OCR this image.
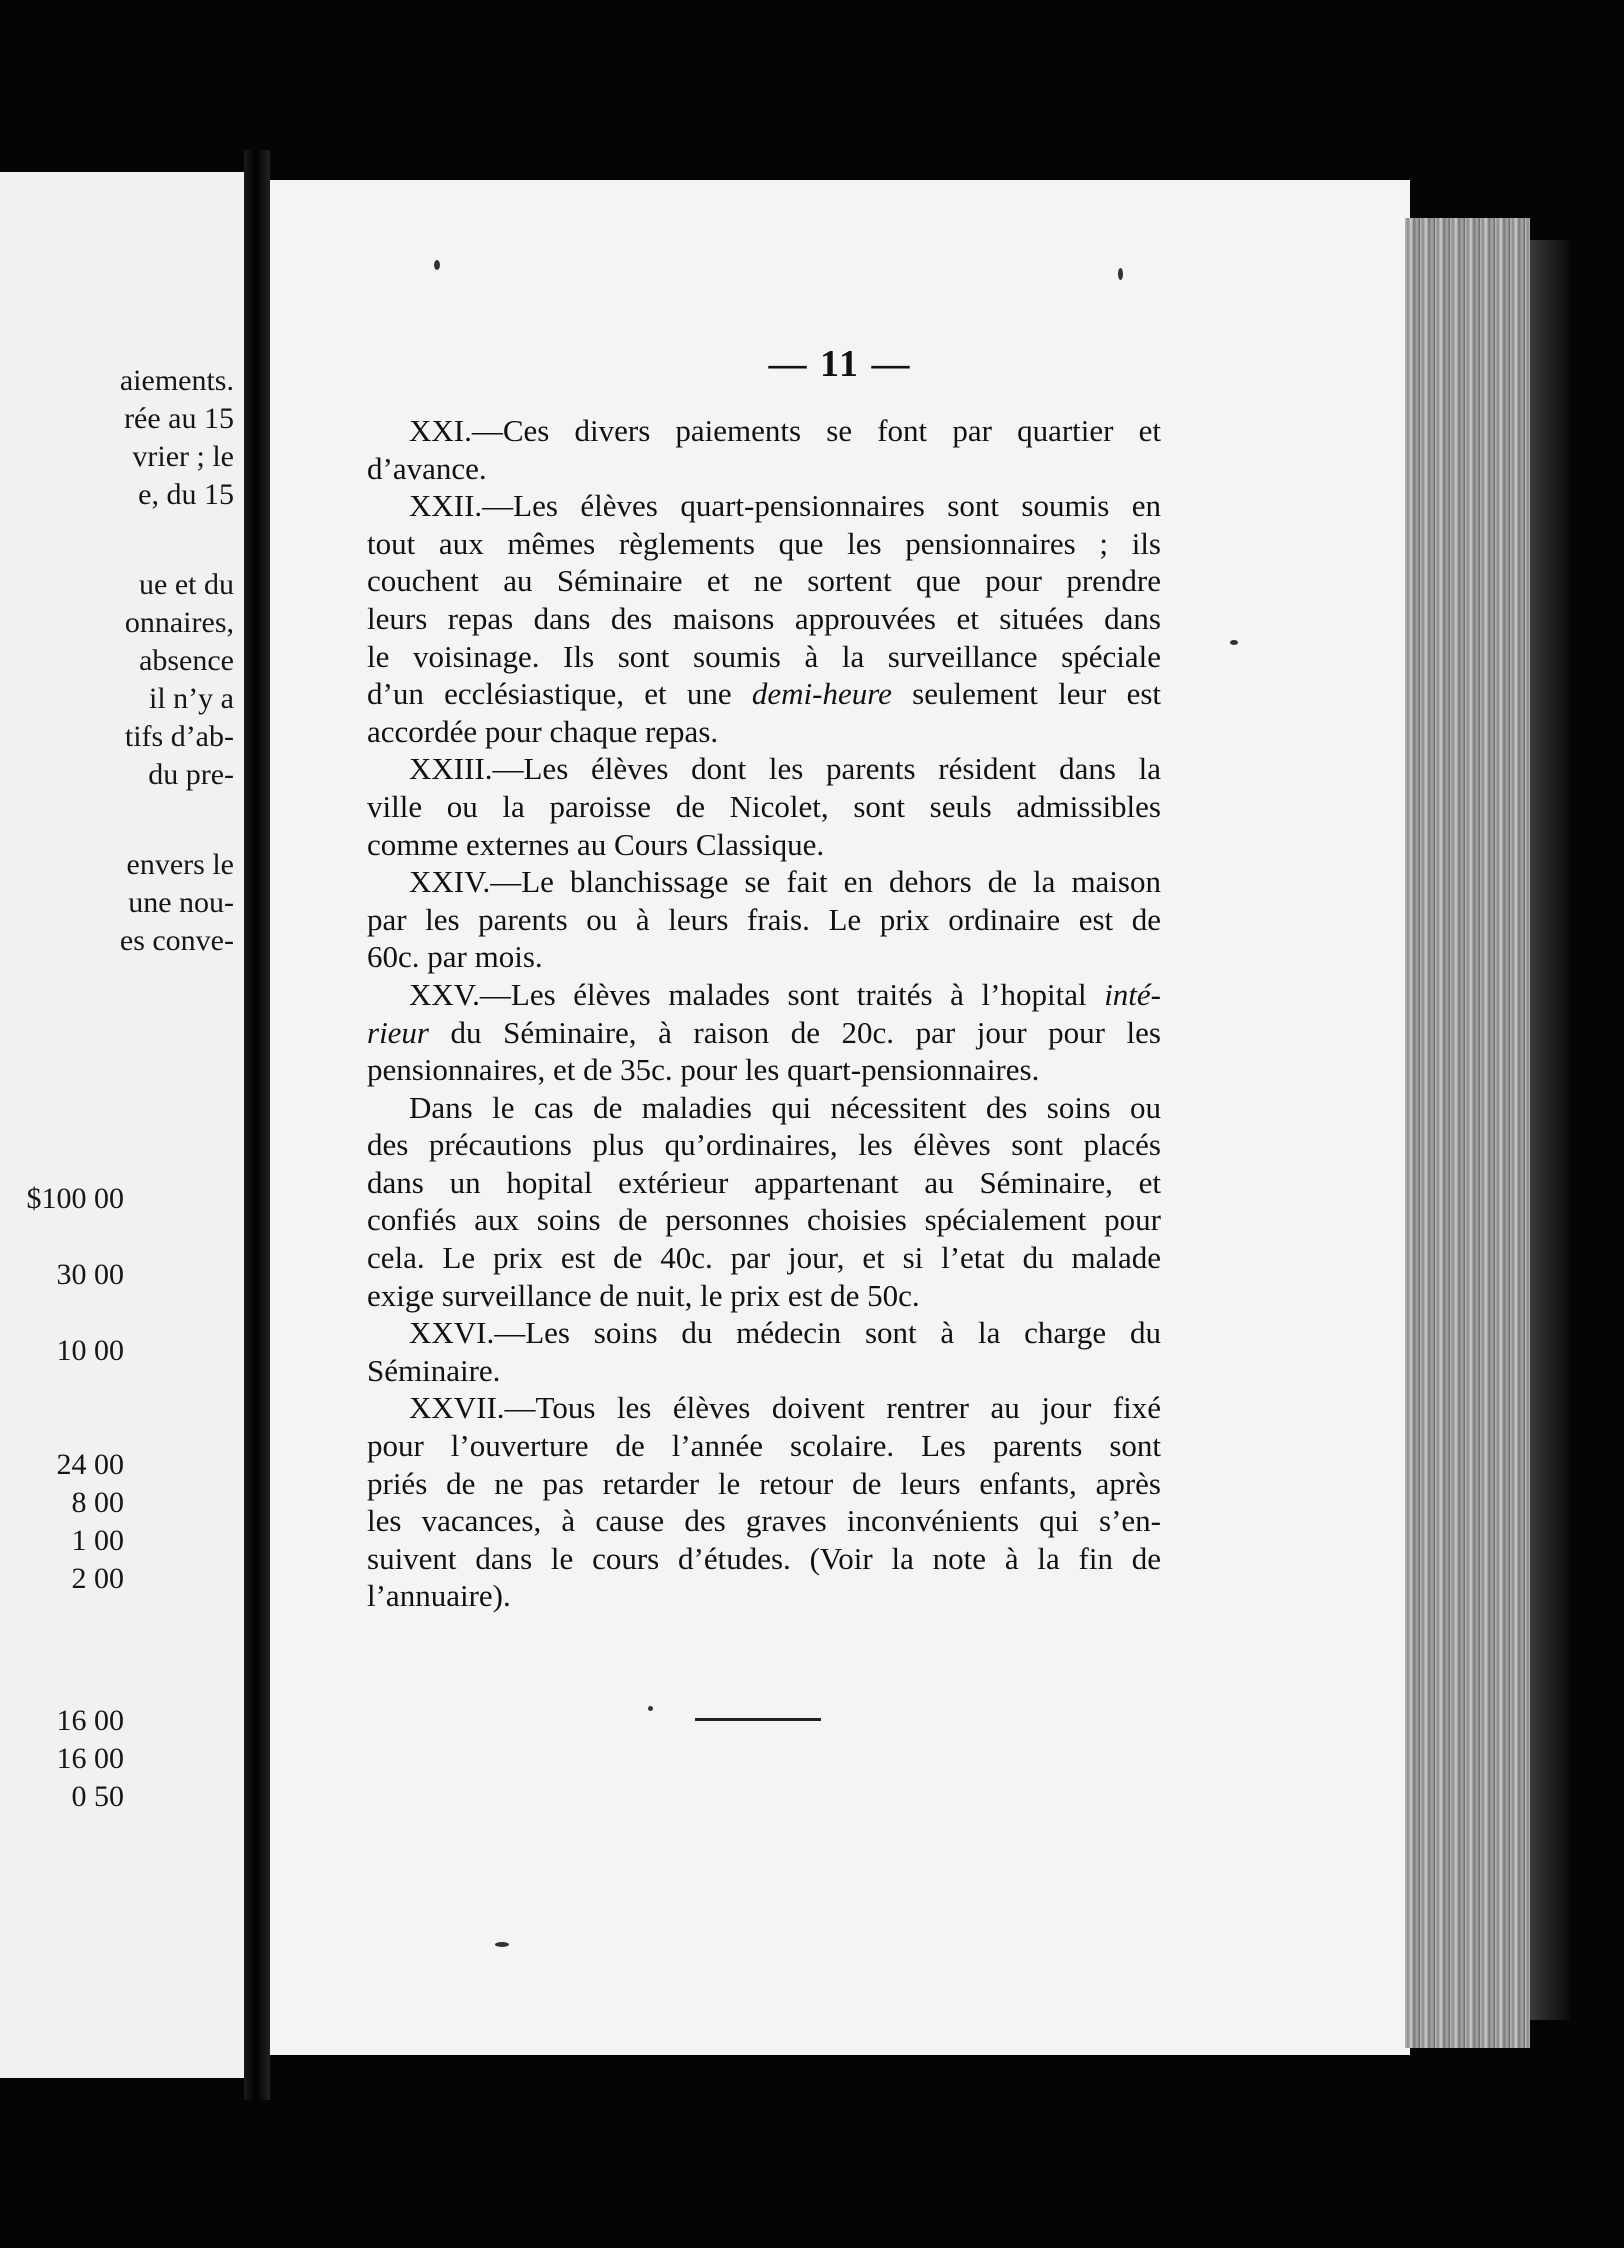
aiements.
rée au 15
vrier ; le
e, du 15
ue et du
onnaires,
absence
il n’y a
tifs d’ab-
du pre-
envers le
une nou-
es conve-
$100 00
30 00
10 00
24 00
8 00
1 00
2 00
16 00
16 00
0 50
— 11 —
XXI.—Ces divers paiements se font par quartier et
d’avance.
XXII.—Les élèves quart-pensionnaires sont soumis en
tout aux mêmes règlements que les pensionnaires ; ils
couchent au Séminaire et ne sortent que pour prendre
leurs repas dans des maisons approuvées et situées dans
le voisinage. Ils sont soumis à la surveillance spéciale
d’un ecclésiastique, et une demi-heure seulement leur est
accordée pour chaque repas.
XXIII.—Les élèves dont les parents résident dans la
ville ou la paroisse de Nicolet, sont seuls admissibles
comme externes au Cours Classique.
XXIV.—Le blanchissage se fait en dehors de la maison
par les parents ou à leurs frais. Le prix ordinaire est de
60c. par mois.
XXV.—Les élèves malades sont traités à l’hopital inté-
rieur du Séminaire, à raison de 20c. par jour pour les
pensionnaires, et de 35c. pour les quart-pensionnaires.
Dans le cas de maladies qui nécessitent des soins ou
des précautions plus qu’ordinaires, les élèves sont placés
dans un hopital extérieur appartenant au Séminaire, et
confiés aux soins de personnes choisies spécialement pour
cela. Le prix est de 40c. par jour, et si l’etat du malade
exige surveillance de nuit, le prix est de 50c.
XXVI.—Les soins du médecin sont à la charge du
Séminaire.
XXVII.—Tous les élèves doivent rentrer au jour fixé
pour l’ouverture de l’année scolaire. Les parents sont
priés de ne pas retarder le retour de leurs enfants, après
les vacances, à cause des graves inconvénients qui s’en-
suivent dans le cours d’études. (Voir la note à la fin de
l’annuaire).
